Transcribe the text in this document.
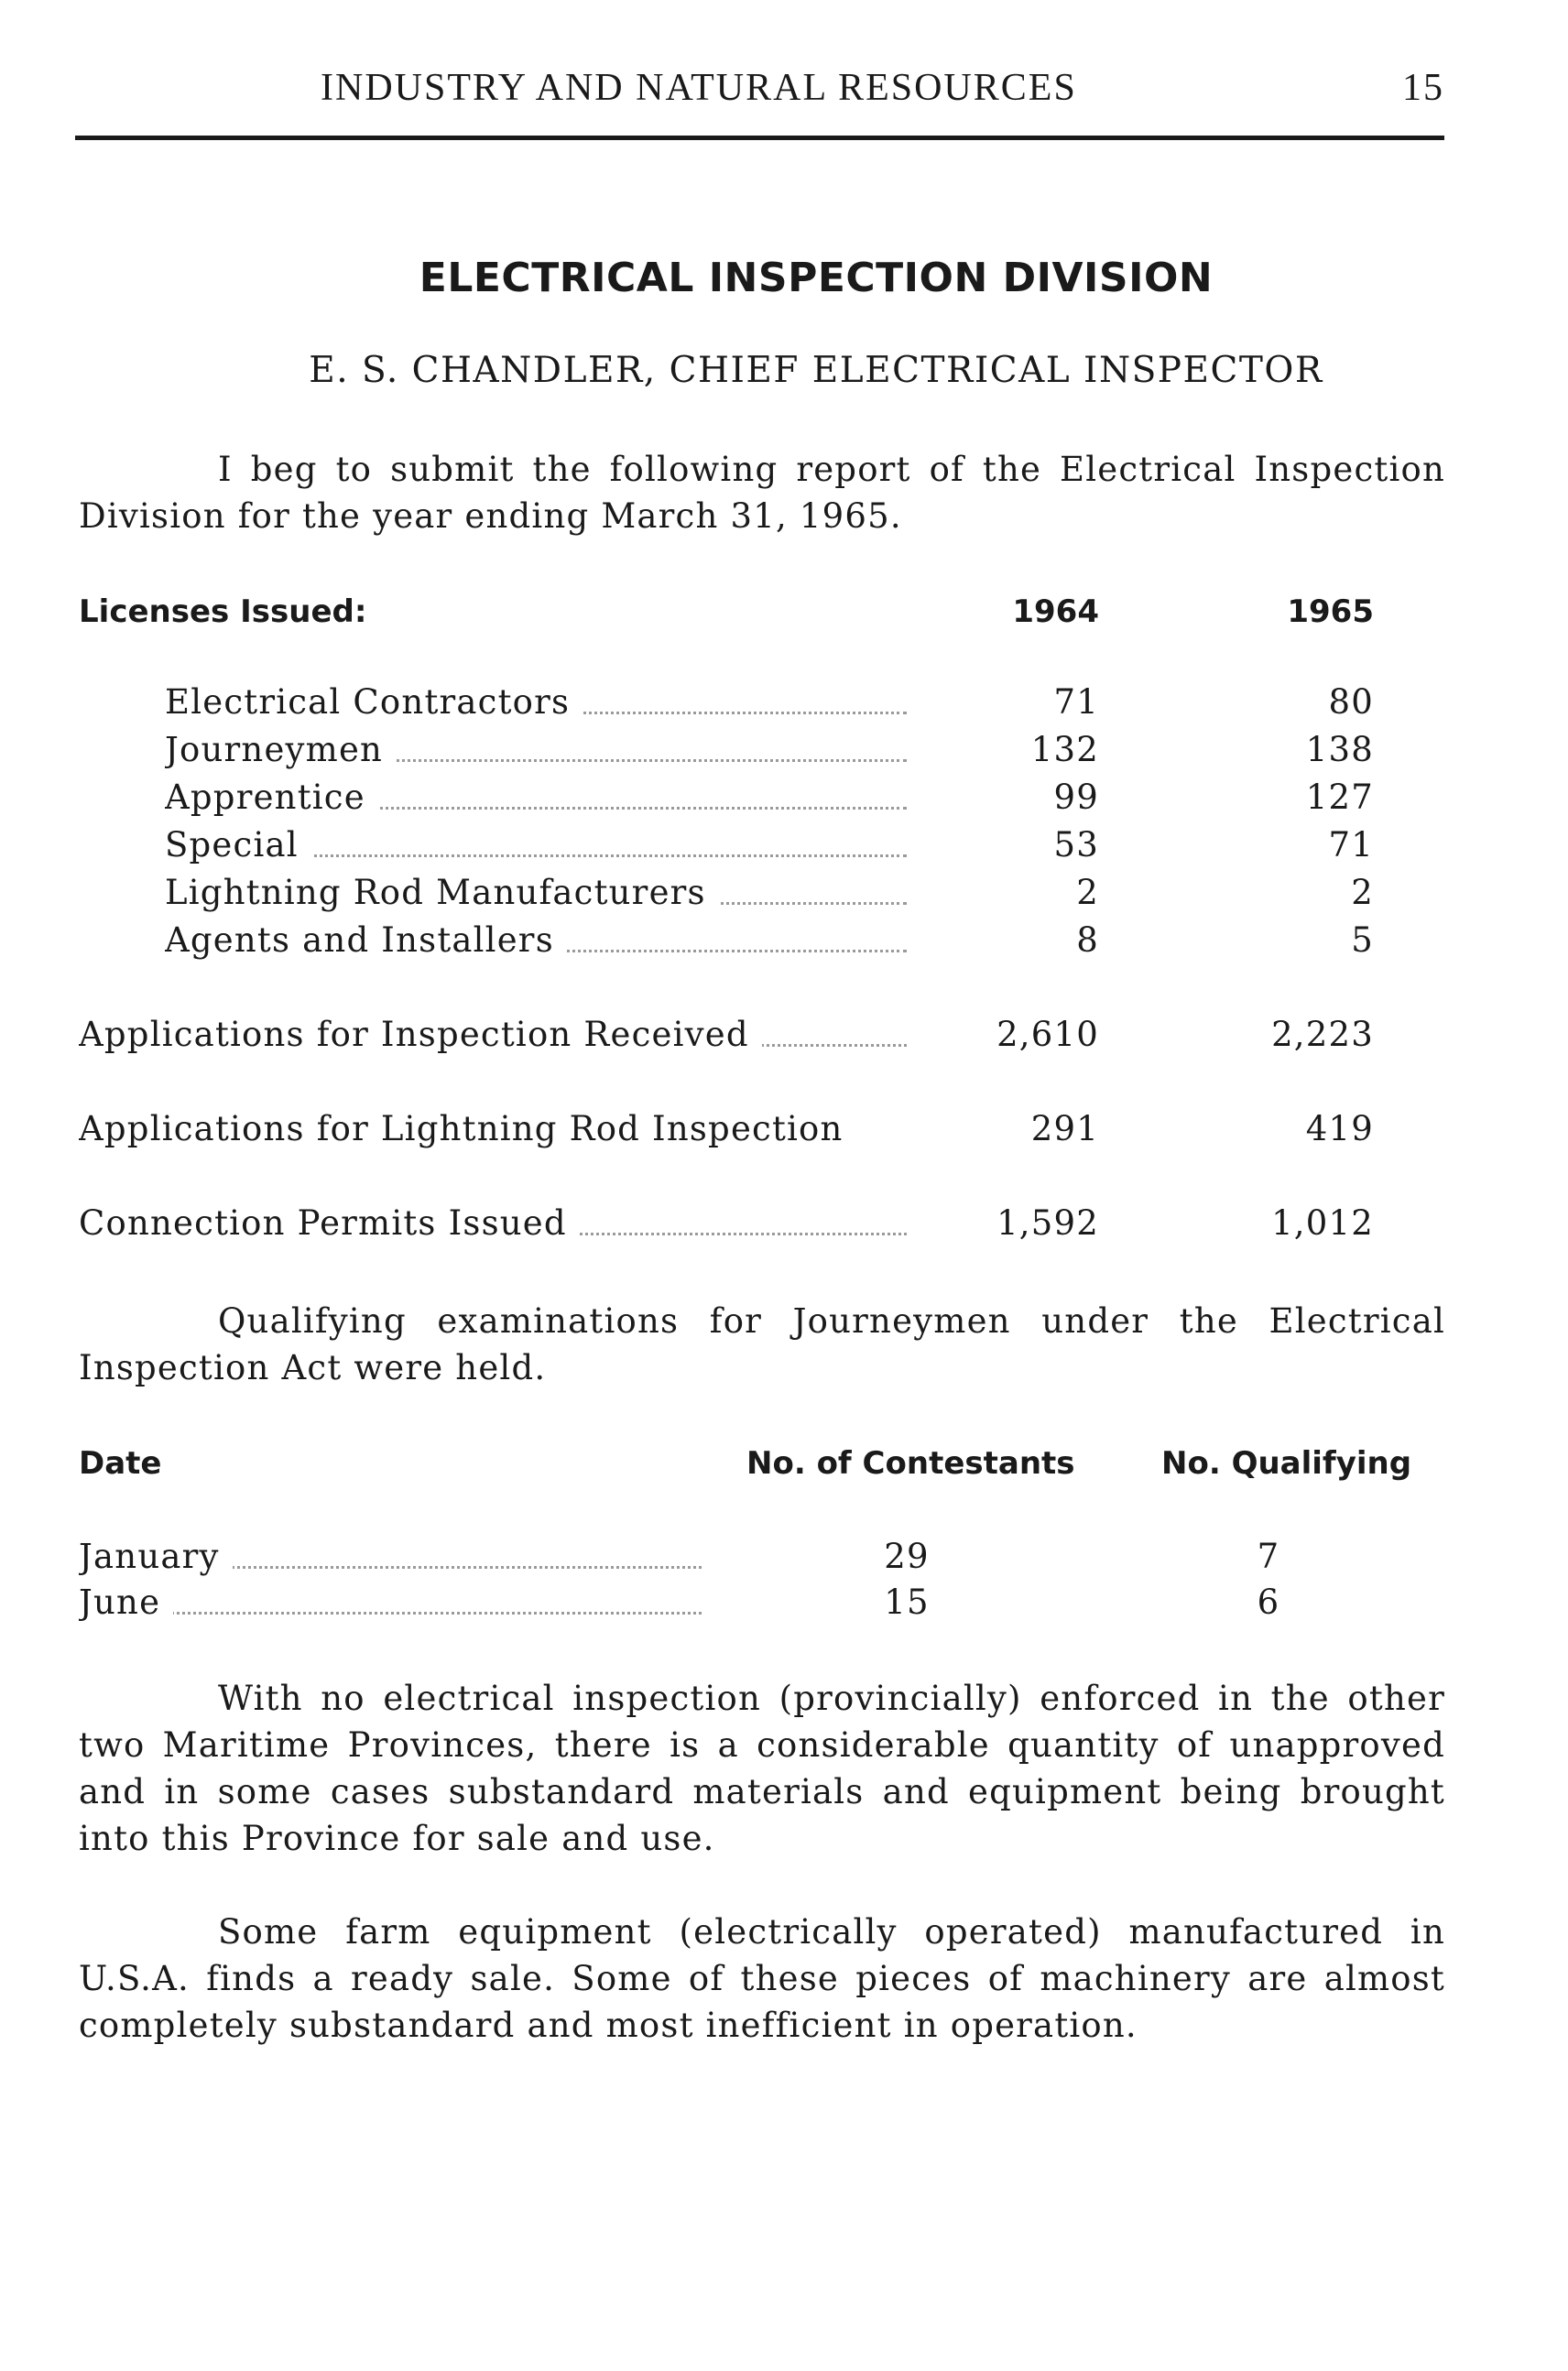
INDUSTRY AND NATURAL RESOURCES	15
ELECTRICAL INSPECTION DIVISION
E. S. CHANDLER, CHIEF ELECTRICAL INSPECTOR

I beg to submit the following report of the Electrical Inspection Division for the year ending March 31, 1965.

Licenses Issued:	1964	1965
Electrical Contractors	71	80
Journeymen	132	138
Apprentice	99	127
Special	53	71
Lightning Rod Manufacturers	2	2
Agents and Installers	8	5
Applications for Inspection Received	2,610	2,223
Applications for Lightning Rod Inspection	291	419
Connection Permits Issued	1,592	1,012

Qualifying examinations for Journeymen under the Electrical Inspection Act were held.

Date	No. of Contestants	No. Qualifying
January	29	7
June	15	6

With no electrical inspection (provincially) enforced in the other two Maritime Provinces, there is a considerable quantity of unapproved and in some cases substandard materials and equipment being brought into this Province for sale and use.

Some farm equipment (electrically operated) manufactured in U.S.A. finds a ready sale. Some of these pieces of machinery are almost completely substandard and most inefficient in operation.
